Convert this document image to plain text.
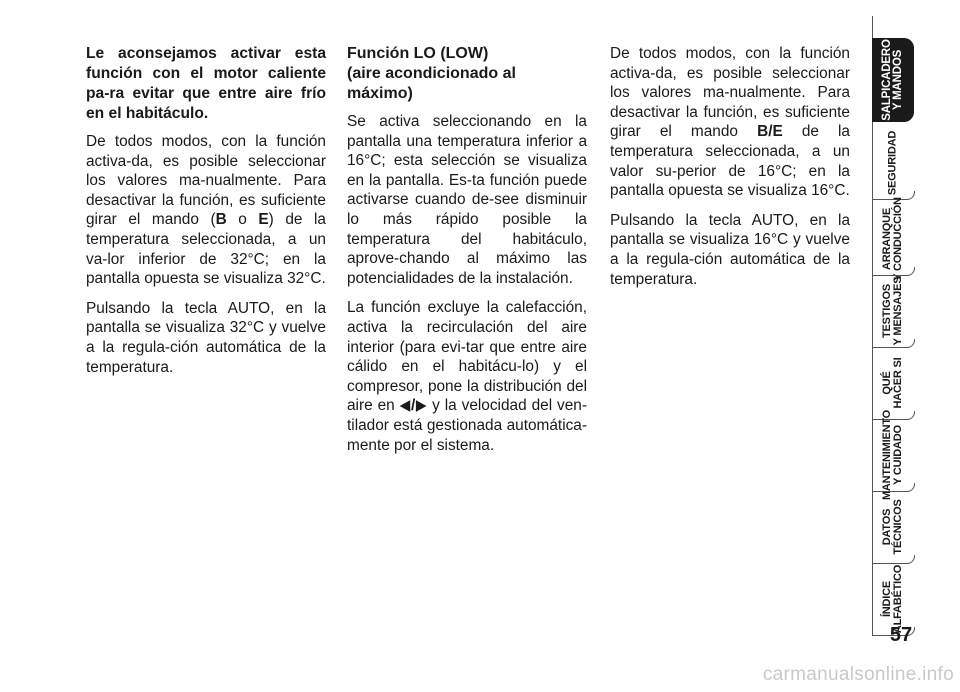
Le aconsejamos activar esta función con el motor caliente pa-ra evitar que entre aire frío en el habitáculo.

De todos modos, con la función activa-da, es posible seleccionar los valores ma-nualmente. Para desactivar la función, es suficiente girar el mando (B o E) de la temperatura seleccionada, a un va-lor inferior de 32°C; en la pantalla opuesta se visualiza 32°C.

Pulsando la tecla AUTO, en la pantalla se visualiza 32°C y vuelve a la regula-ción automática de la temperatura.

Función LO (LOW)
(aire acondicionado al
máximo)

Se activa seleccionando en la pantalla una temperatura inferior a 16°C; esta selección se visualiza en la pantalla. Es-ta función puede activarse cuando de-see disminuir lo más rápido posible la temperatura del habitáculo, aprove-chando al máximo las potencialidades de la instalación.

La función excluye la calefacción, activa la recirculación del aire interior (para evi-tar que entre aire cálido en el habitácu-lo) y el compresor, pone la distribución del aire en ◀/▶ y la velocidad del ven-tilador está gestionada automática-mente por el sistema.

De todos modos, con la función activa-da, es posible seleccionar los valores ma-nualmente. Para desactivar la función, es suficiente girar el mando B/E de la temperatura seleccionada, a un valor su-perior de 16°C; en la pantalla opuesta se visualiza 16°C.

Pulsando la tecla AUTO, en la pantalla se visualiza 16°C y vuelve a la regula-ción automática de la temperatura.

SALPICADERO
Y MANDOS
SEGURIDAD
ARRANQUE
Y CONDUCCIÓN
TESTIGOS
Y MENSAJES
QUÉ
HACER SI
MANTENIMIENTO
Y CUIDADO
DATOS
TÉCNICOS
ÍNDICE
ALFABÉTICO
57
carmanualsonline.info
